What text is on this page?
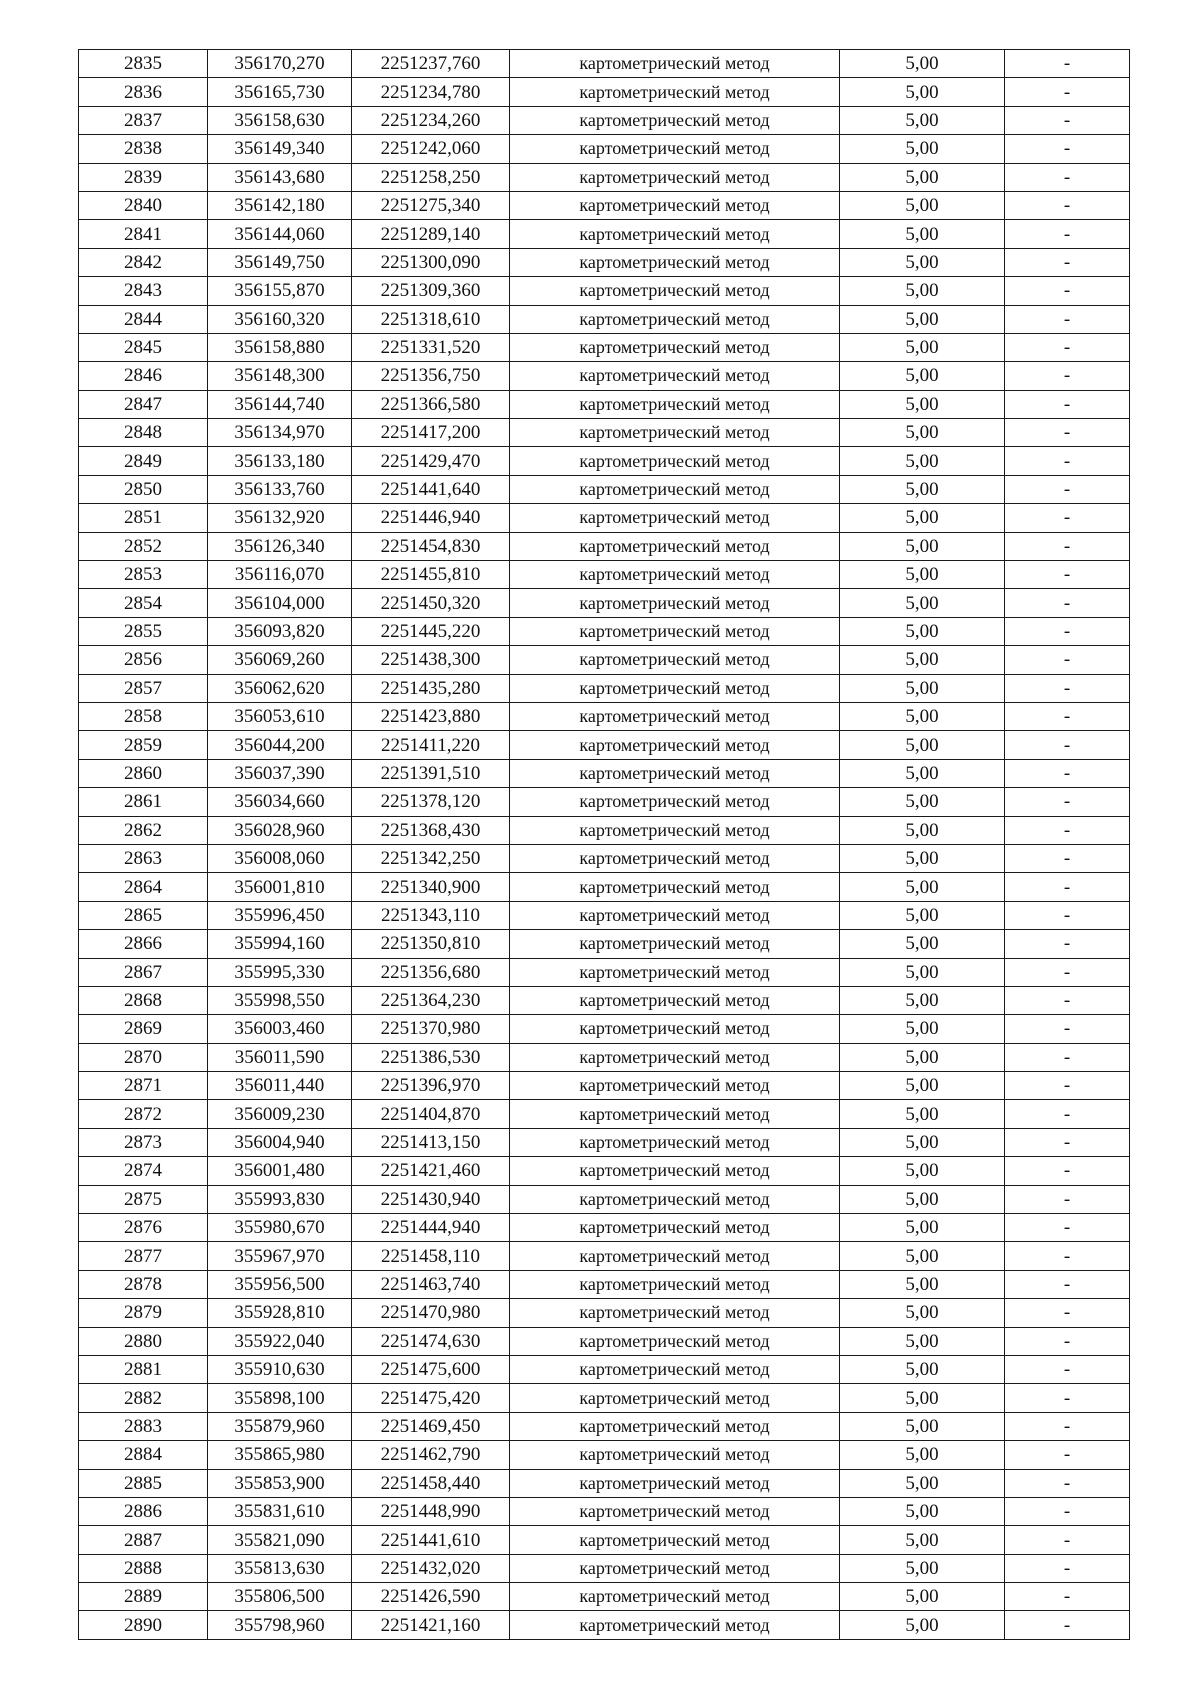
2835	356170,270	2251237,760	картометрический метод	5,00	-
2836	356165,730	2251234,780	картометрический метод	5,00	-
2837	356158,630	2251234,260	картометрический метод	5,00	-
2838	356149,340	2251242,060	картометрический метод	5,00	-
2839	356143,680	2251258,250	картометрический метод	5,00	-
2840	356142,180	2251275,340	картометрический метод	5,00	-
2841	356144,060	2251289,140	картометрический метод	5,00	-
2842	356149,750	2251300,090	картометрический метод	5,00	-
2843	356155,870	2251309,360	картометрический метод	5,00	-
2844	356160,320	2251318,610	картометрический метод	5,00	-
2845	356158,880	2251331,520	картометрический метод	5,00	-
2846	356148,300	2251356,750	картометрический метод	5,00	-
2847	356144,740	2251366,580	картометрический метод	5,00	-
2848	356134,970	2251417,200	картометрический метод	5,00	-
2849	356133,180	2251429,470	картометрический метод	5,00	-
2850	356133,760	2251441,640	картометрический метод	5,00	-
2851	356132,920	2251446,940	картометрический метод	5,00	-
2852	356126,340	2251454,830	картометрический метод	5,00	-
2853	356116,070	2251455,810	картометрический метод	5,00	-
2854	356104,000	2251450,320	картометрический метод	5,00	-
2855	356093,820	2251445,220	картометрический метод	5,00	-
2856	356069,260	2251438,300	картометрический метод	5,00	-
2857	356062,620	2251435,280	картометрический метод	5,00	-
2858	356053,610	2251423,880	картометрический метод	5,00	-
2859	356044,200	2251411,220	картометрический метод	5,00	-
2860	356037,390	2251391,510	картометрический метод	5,00	-
2861	356034,660	2251378,120	картометрический метод	5,00	-
2862	356028,960	2251368,430	картометрический метод	5,00	-
2863	356008,060	2251342,250	картометрический метод	5,00	-
2864	356001,810	2251340,900	картометрический метод	5,00	-
2865	355996,450	2251343,110	картометрический метод	5,00	-
2866	355994,160	2251350,810	картометрический метод	5,00	-
2867	355995,330	2251356,680	картометрический метод	5,00	-
2868	355998,550	2251364,230	картометрический метод	5,00	-
2869	356003,460	2251370,980	картометрический метод	5,00	-
2870	356011,590	2251386,530	картометрический метод	5,00	-
2871	356011,440	2251396,970	картометрический метод	5,00	-
2872	356009,230	2251404,870	картометрический метод	5,00	-
2873	356004,940	2251413,150	картометрический метод	5,00	-
2874	356001,480	2251421,460	картометрический метод	5,00	-
2875	355993,830	2251430,940	картометрический метод	5,00	-
2876	355980,670	2251444,940	картометрический метод	5,00	-
2877	355967,970	2251458,110	картометрический метод	5,00	-
2878	355956,500	2251463,740	картометрический метод	5,00	-
2879	355928,810	2251470,980	картометрический метод	5,00	-
2880	355922,040	2251474,630	картометрический метод	5,00	-
2881	355910,630	2251475,600	картометрический метод	5,00	-
2882	355898,100	2251475,420	картометрический метод	5,00	-
2883	355879,960	2251469,450	картометрический метод	5,00	-
2884	355865,980	2251462,790	картометрический метод	5,00	-
2885	355853,900	2251458,440	картометрический метод	5,00	-
2886	355831,610	2251448,990	картометрический метод	5,00	-
2887	355821,090	2251441,610	картометрический метод	5,00	-
2888	355813,630	2251432,020	картометрический метод	5,00	-
2889	355806,500	2251426,590	картометрический метод	5,00	-
2890	355798,960	2251421,160	картометрический метод	5,00	-
